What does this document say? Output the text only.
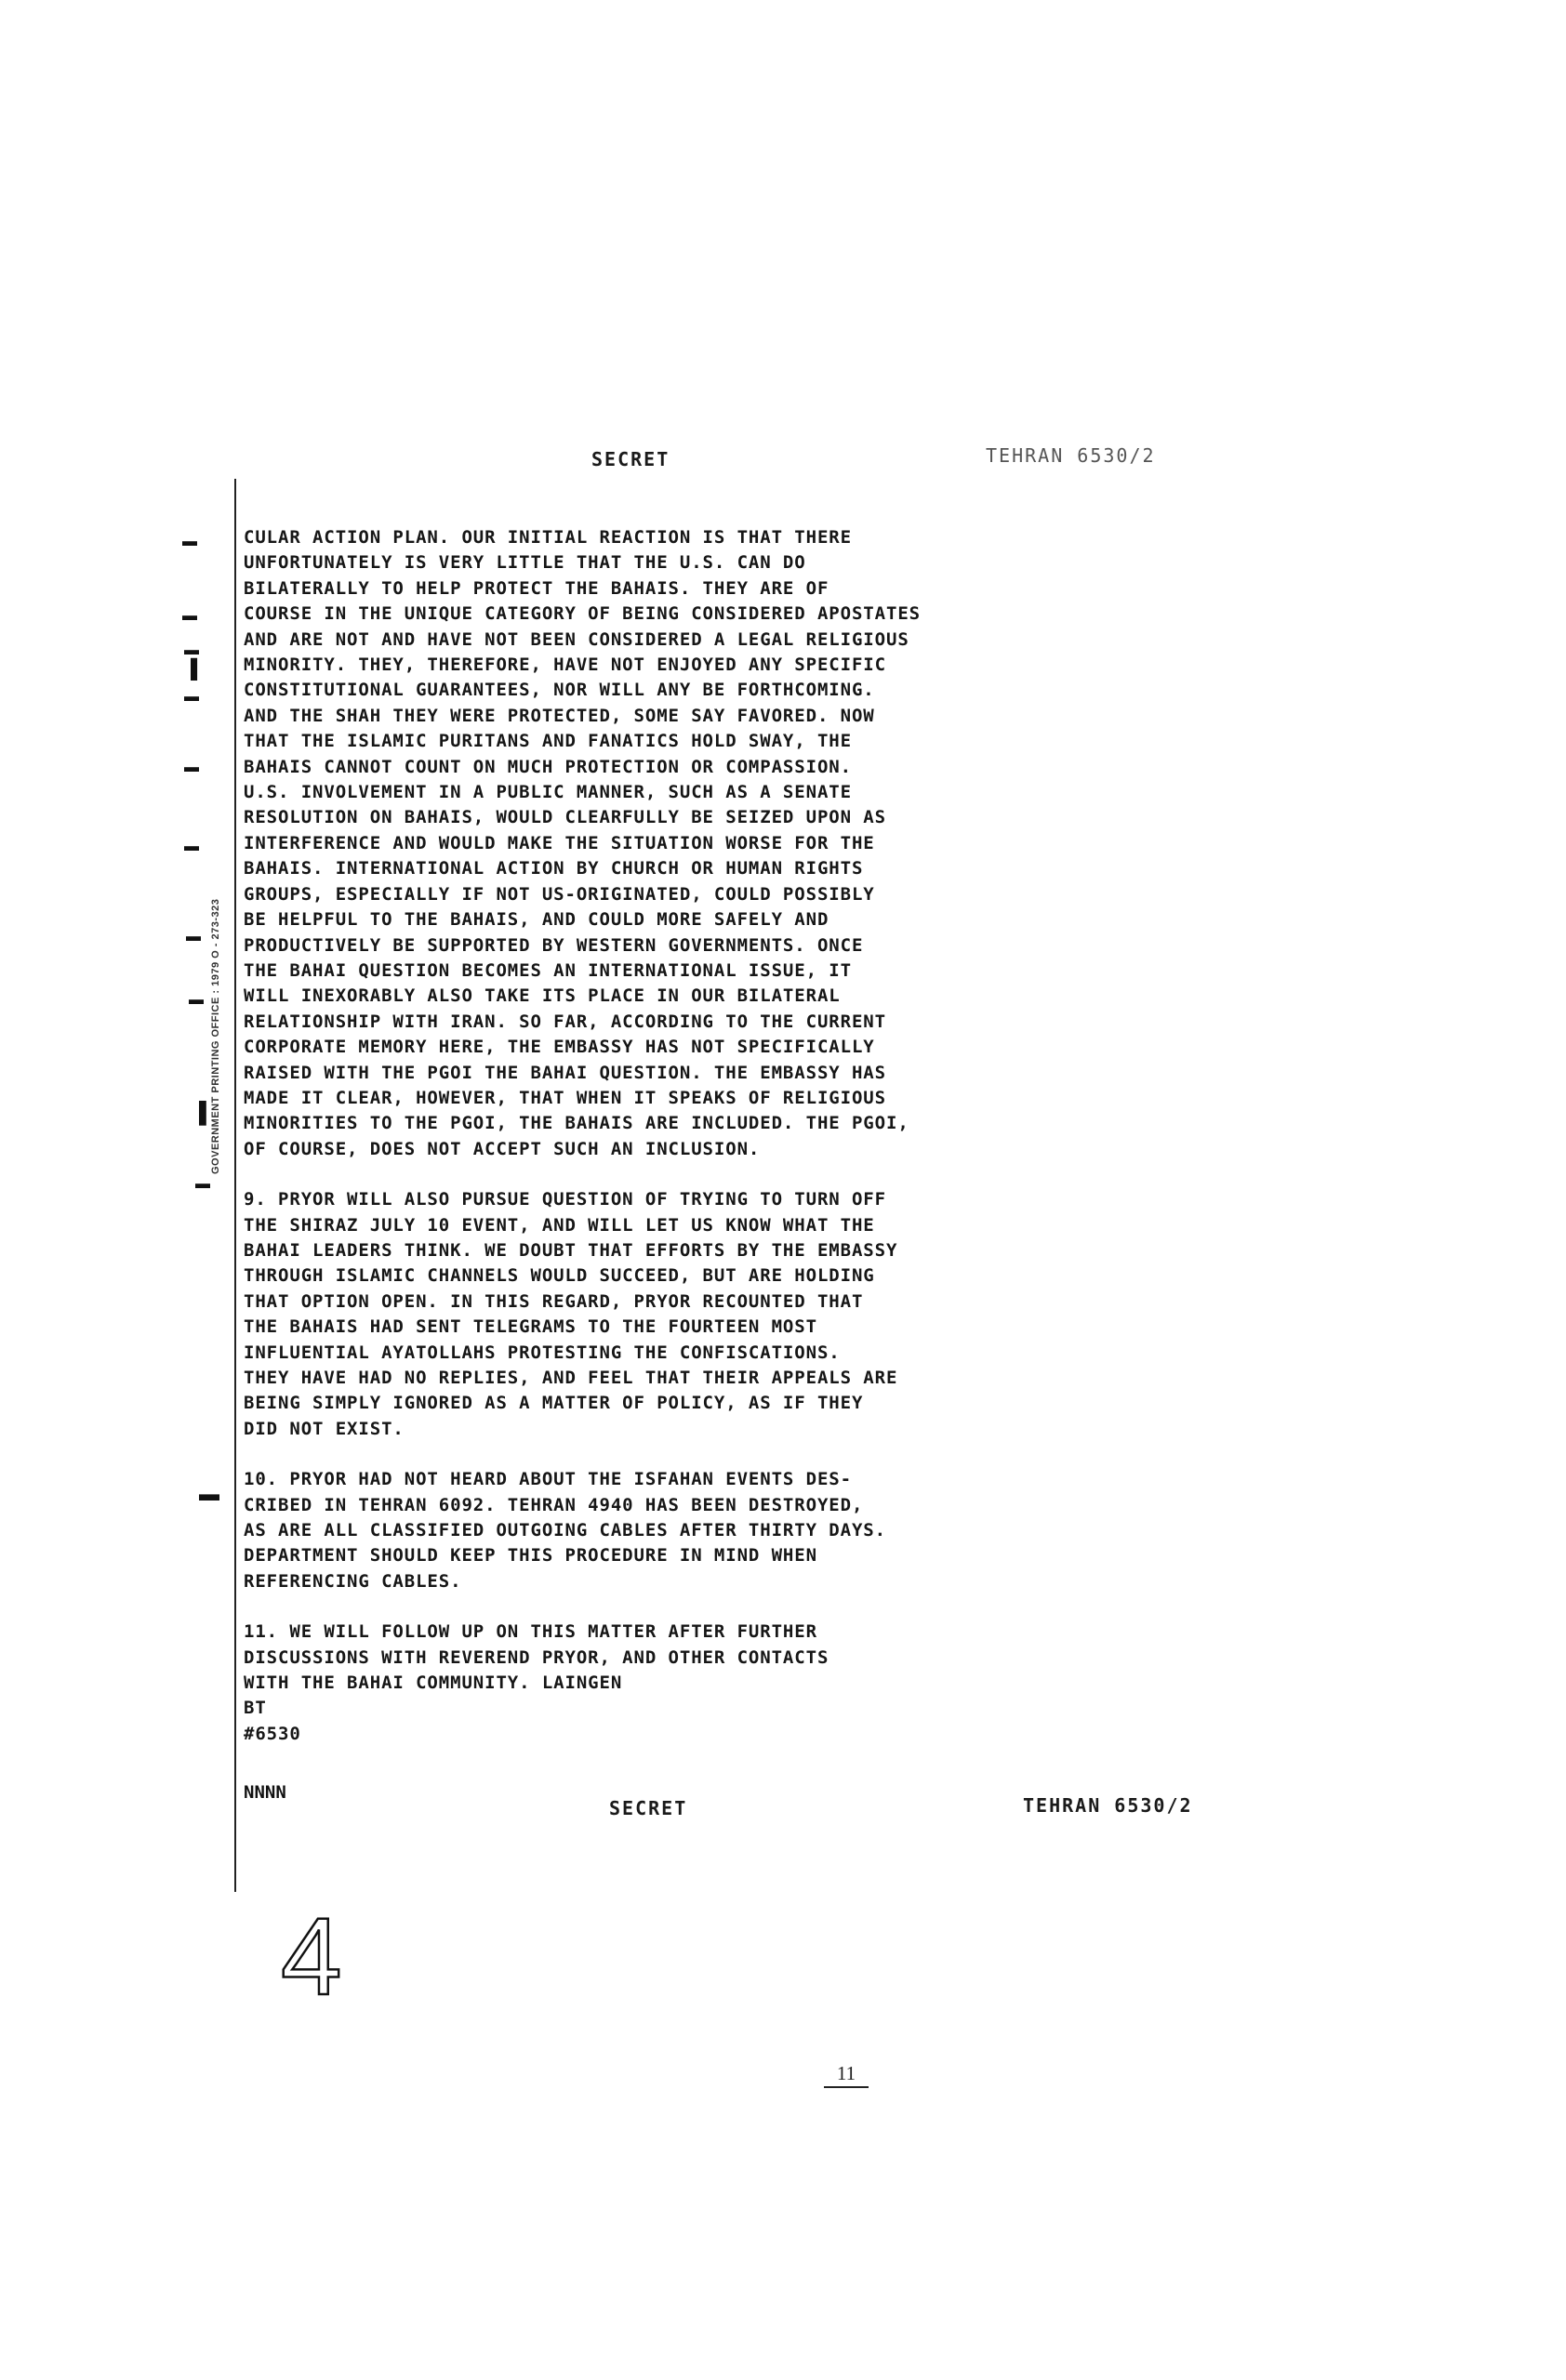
SECRET	TEHRAN 6530/2
GOVERNMENT PRINTING OFFICE : 1979 O - 273-323
▬
▬
▬
▌
▬
▬
▬
▬
▬
▌
▬
▬
CULAR ACTION PLAN. OUR INITIAL REACTION IS THAT THERE
UNFORTUNATELY IS VERY LITTLE THAT THE U.S. CAN DO
BILATERALLY TO HELP PROTECT THE BAHAIS. THEY ARE OF
COURSE IN THE UNIQUE CATEGORY OF BEING CONSIDERED APOSTATES
AND ARE NOT AND HAVE NOT BEEN CONSIDERED A LEGAL RELIGIOUS
MINORITY. THEY, THEREFORE, HAVE NOT ENJOYED ANY SPECIFIC
CONSTITUTIONAL GUARANTEES, NOR WILL ANY BE FORTHCOMING.
AND THE SHAH THEY WERE PROTECTED, SOME SAY FAVORED. NOW
THAT THE ISLAMIC PURITANS AND FANATICS HOLD SWAY, THE
BAHAIS CANNOT COUNT ON MUCH PROTECTION OR COMPASSION.
U.S. INVOLVEMENT IN A PUBLIC MANNER, SUCH AS A SENATE
RESOLUTION ON BAHAIS, WOULD CLEARFULLY BE SEIZED UPON AS
INTERFERENCE AND WOULD MAKE THE SITUATION WORSE FOR THE
BAHAIS. INTERNATIONAL ACTION BY CHURCH OR HUMAN RIGHTS
GROUPS, ESPECIALLY IF NOT US-ORIGINATED, COULD POSSIBLY
BE HELPFUL TO THE BAHAIS, AND COULD MORE SAFELY AND
PRODUCTIVELY BE SUPPORTED BY WESTERN GOVERNMENTS. ONCE
THE BAHAI QUESTION BECOMES AN INTERNATIONAL ISSUE, IT
WILL INEXORABLY ALSO TAKE ITS PLACE IN OUR BILATERAL
RELATIONSHIP WITH IRAN. SO FAR, ACCORDING TO THE CURRENT
CORPORATE MEMORY HERE, THE EMBASSY HAS NOT SPECIFICALLY
RAISED WITH THE PGOI THE BAHAI QUESTION. THE EMBASSY HAS
MADE IT CLEAR, HOWEVER, THAT WHEN IT SPEAKS OF RELIGIOUS
MINORITIES TO THE PGOI, THE BAHAIS ARE INCLUDED. THE PGOI,
OF COURSE, DOES NOT ACCEPT SUCH AN INCLUSION.
9. PRYOR WILL ALSO PURSUE QUESTION OF TRYING TO TURN OFF
THE SHIRAZ JULY 10 EVENT, AND WILL LET US KNOW WHAT THE
BAHAI LEADERS THINK. WE DOUBT THAT EFFORTS BY THE EMBASSY
THROUGH ISLAMIC CHANNELS WOULD SUCCEED, BUT ARE HOLDING
THAT OPTION OPEN. IN THIS REGARD, PRYOR RECOUNTED THAT
THE BAHAIS HAD SENT TELEGRAMS TO THE FOURTEEN MOST
INFLUENTIAL AYATOLLAHS PROTESTING THE CONFISCATIONS.
THEY HAVE HAD NO REPLIES, AND FEEL THAT THEIR APPEALS ARE
BEING SIMPLY IGNORED AS A MATTER OF POLICY, AS IF THEY
DID NOT EXIST.
10. PRYOR HAD NOT HEARD ABOUT THE ISFAHAN EVENTS DES-
CRIBED IN TEHRAN 6092. TEHRAN 4940 HAS BEEN DESTROYED,
AS ARE ALL CLASSIFIED OUTGOING CABLES AFTER THIRTY DAYS.
DEPARTMENT SHOULD KEEP THIS PROCEDURE IN MIND WHEN
REFERENCING CABLES.
11. WE WILL FOLLOW UP ON THIS MATTER AFTER FURTHER
DISCUSSIONS WITH REVEREND PRYOR, AND OTHER CONTACTS
WITH THE BAHAI COMMUNITY. LAINGEN
BT
#6530
NNNN
SECRET	TEHRAN 6530/2
4
11
